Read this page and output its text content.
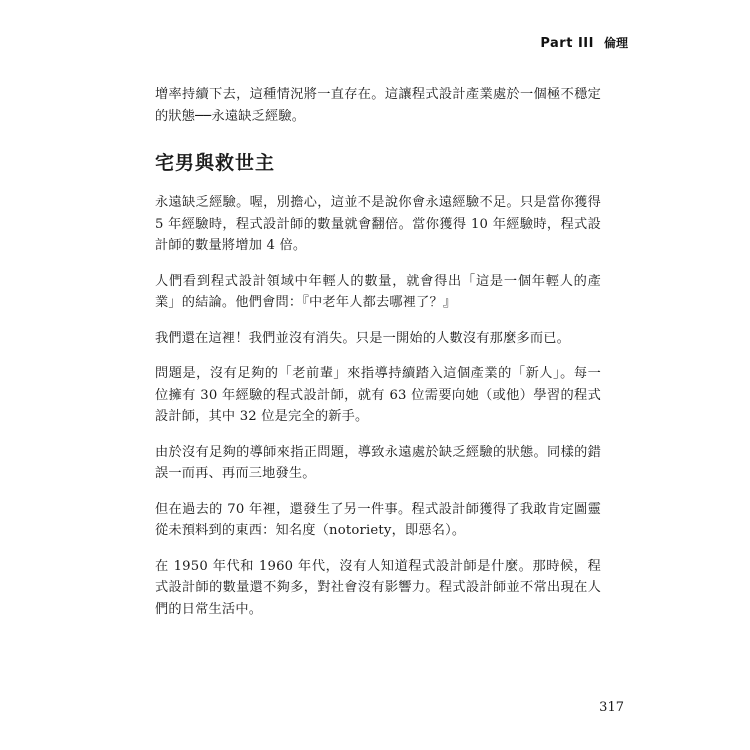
Part III 倫理

增率持續下去，這種情況將一直存在。這讓程式設計產業處於一個極不穩定的狀態──永遠缺乏經驗。

宅男與救世主

永遠缺乏經驗。喔，別擔心，這並不是說你會永遠經驗不足。只是當你獲得 5 年經驗時，程式設計師的數量就會翻倍。當你獲得 10 年經驗時，程式設計師的數量將增加 4 倍。

人們看到程式設計領域中年輕人的數量，就會得出「這是一個年輕人的產業」的結論。他們會問：『中老年人都去哪裡了？』

我們還在這裡！我們並沒有消失。只是一開始的人數沒有那麼多而已。

問題是，沒有足夠的「老前輩」來指導持續踏入這個產業的「新人」。每一位擁有 30 年經驗的程式設計師，就有 63 位需要向她（或他）學習的程式設計師，其中 32 位是完全的新手。

由於沒有足夠的導師來指正問題，導致永遠處於缺乏經驗的狀態。同樣的錯誤一而再、再而三地發生。

但在過去的 70 年裡，還發生了另一件事。程式設計師獲得了我敢肯定圖靈從未預料到的東西：知名度（notoriety，即惡名）。

在 1950 年代和 1960 年代，沒有人知道程式設計師是什麼。那時候，程式設計師的數量還不夠多，對社會沒有影響力。程式設計師並不常出現在人們的日常生活中。

317
